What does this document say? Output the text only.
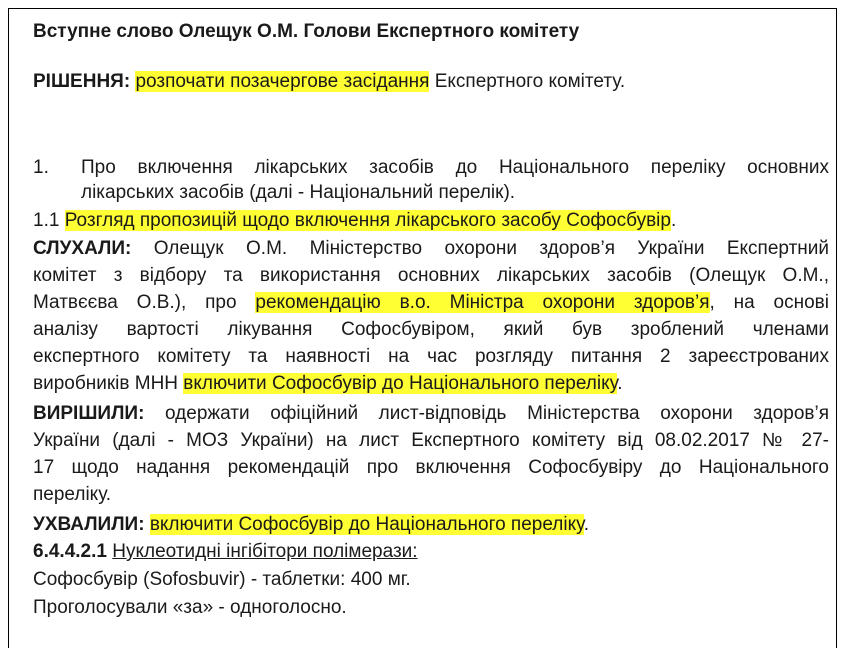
Вступне слово Олещук О.М. Голови Експертного комітету
РІШЕННЯ: розпочати позачергове засідання Експертного комітету.
1. Про включення лікарських засобів до Національного переліку основних
лікарських засобів (далі - Національний перелік).
1.1 Розгляд пропозицій щодо включення лікарського засобу Софосбувір.
СЛУХАЛИ: Олещук О.М. Міністерство охорони здоров’я України Експертний
комітет з відбору та використання основних лікарських засобів (Олещук О.М.,
Матвєєва О.В.), про рекомендацію в.о. Міністра охорони здоров’я, на основі
аналізу вартості лікування Софосбувіром, який був зроблений членами
експертного комітету та наявності на час розгляду питання 2 зареєстрованих
виробників МНН включити Софосбувір до Національного переліку.
ВИРІШИЛИ: одержати офіційний лист-відповідь Міністерства охорони здоров’я
України (далі - МОЗ України) на лист Експертного комітету від 08.02.2017 № 27-
17 щодо надання рекомендацій про включення Софосбувіру до Національного
переліку.
УХВАЛИЛИ: включити Софосбувір до Національного переліку.
6.4.4.2.1 Нуклеотидні інгібітори полімерази:
Софосбувір (Sofosbuvir) - таблетки: 400 мг.
Проголосували «за» - одноголосно.
